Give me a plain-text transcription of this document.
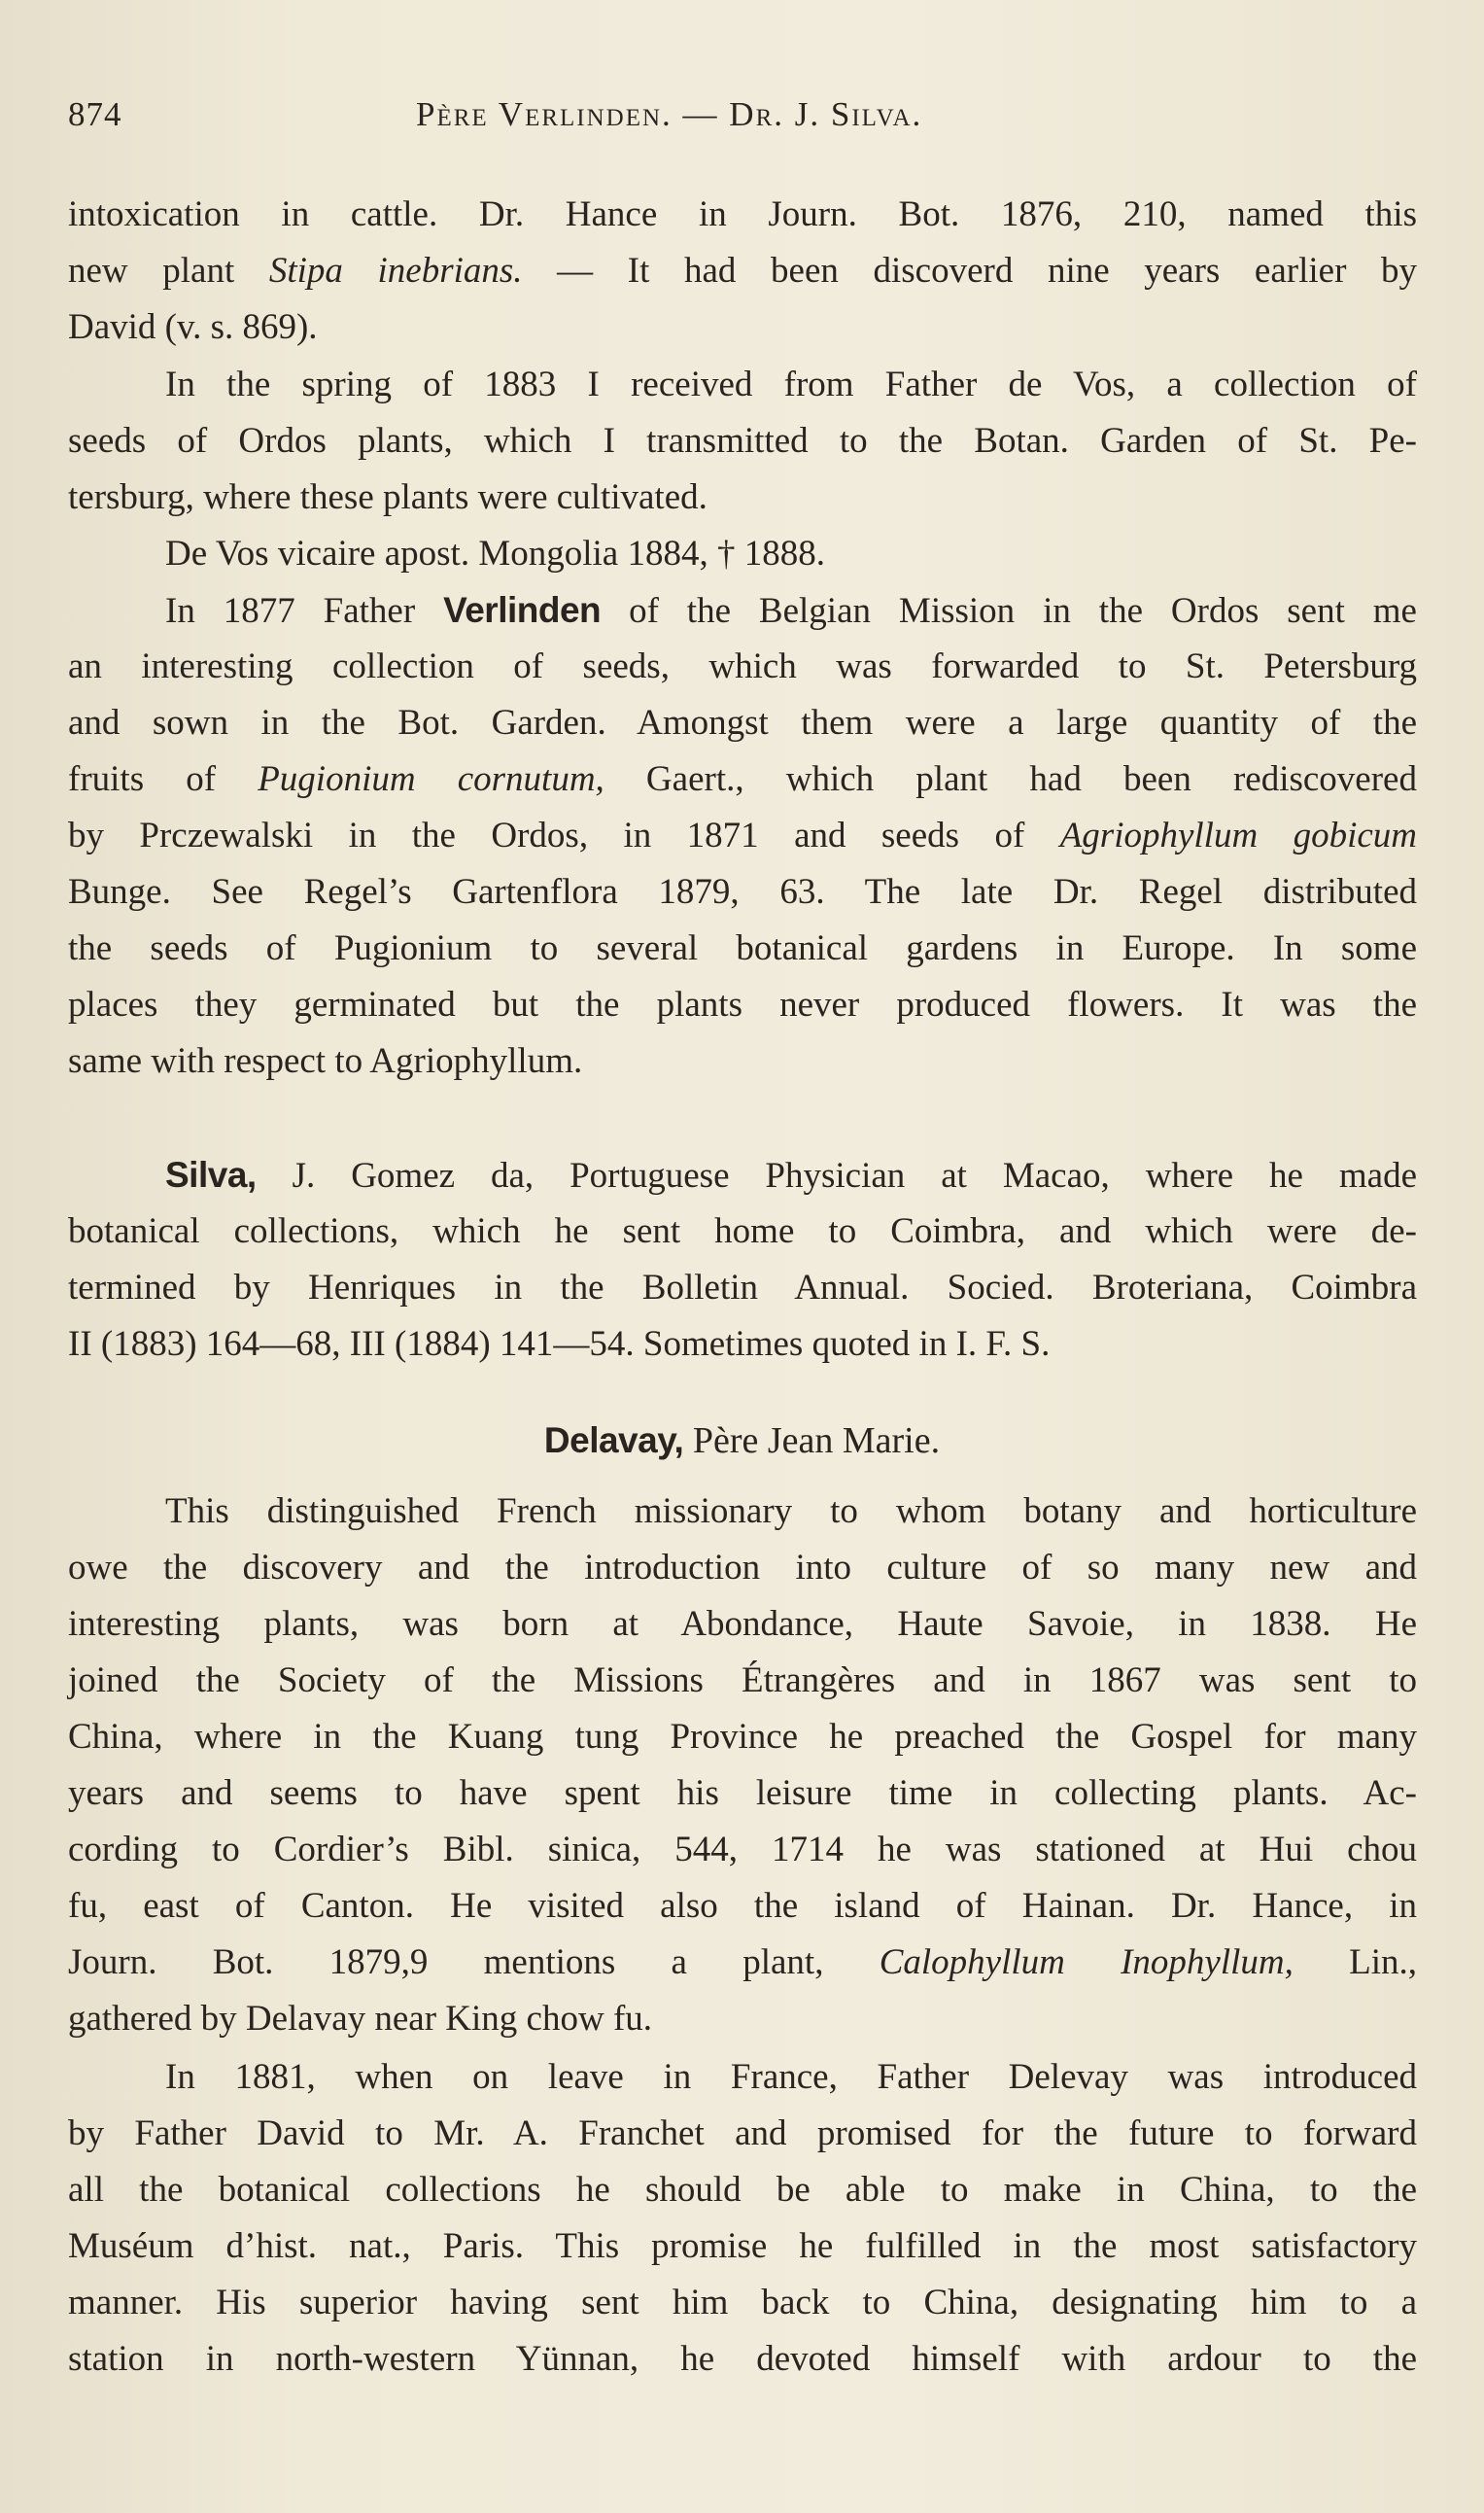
874	Père Verlinden. — Dr. J. Silva.
intoxication in cattle. Dr. Hance in Journ. Bot. 1876, 210, named this
new plant Stipa inebrians. — It had been discoverd nine years earlier by
David (v. s. 869).
In the spring of 1883 I received from Father de Vos, a collection of
seeds of Ordos plants, which I transmitted to the Botan. Garden of St. Pe-
tersburg, where these plants were cultivated.
De Vos vicaire apost. Mongolia 1884, † 1888.
In 1877 Father Verlinden of the Belgian Mission in the Ordos sent me
an interesting collection of seeds, which was forwarded to St. Petersburg
and sown in the Bot. Garden. Amongst them were a large quantity of the
fruits of Pugionium cornutum, Gaert., which plant had been rediscovered
by Prczewalski in the Ordos, in 1871 and seeds of Agriophyllum gobicum
Bunge. See Regel’s Gartenflora 1879, 63. The late Dr. Regel distributed
the seeds of Pugionium to several botanical gardens in Europe. In some
places they germinated but the plants never produced flowers. It was the
same with respect to Agriophyllum.
Silva, J. Gomez da, Portuguese Physician at Macao, where he made
botanical collections, which he sent home to Coimbra, and which were de-
termined by Henriques in the Bolletin Annual. Socied. Broteriana, Coimbra
II (1883) 164—68, III (1884) 141—54. Sometimes quoted in I. F. S.
Delavay, Père Jean Marie.
This distinguished French missionary to whom botany and horticulture
owe the discovery and the introduction into culture of so many new and
interesting plants, was born at Abondance, Haute Savoie, in 1838. He
joined the Society of the Missions Étrangères and in 1867 was sent to
China, where in the Kuang tung Province he preached the Gospel for many
years and seems to have spent his leisure time in collecting plants. Ac-
cording to Cordier’s Bibl. sinica, 544, 1714 he was stationed at Hui chou
fu, east of Canton. He visited also the island of Hainan. Dr. Hance, in
Journ. Bot. 1879,9 mentions a plant, Calophyllum Inophyllum, Lin.,
gathered by Delavay near King chow fu.
In 1881, when on leave in France, Father Delevay was introduced
by Father David to Mr. A. Franchet and promised for the future to forward
all the botanical collections he should be able to make in China, to the
Muséum d’hist. nat., Paris. This promise he fulfilled in the most satisfactory
manner. His superior having sent him back to China, designating him to a
station in north-western Yünnan, he devoted himself with ardour to the
